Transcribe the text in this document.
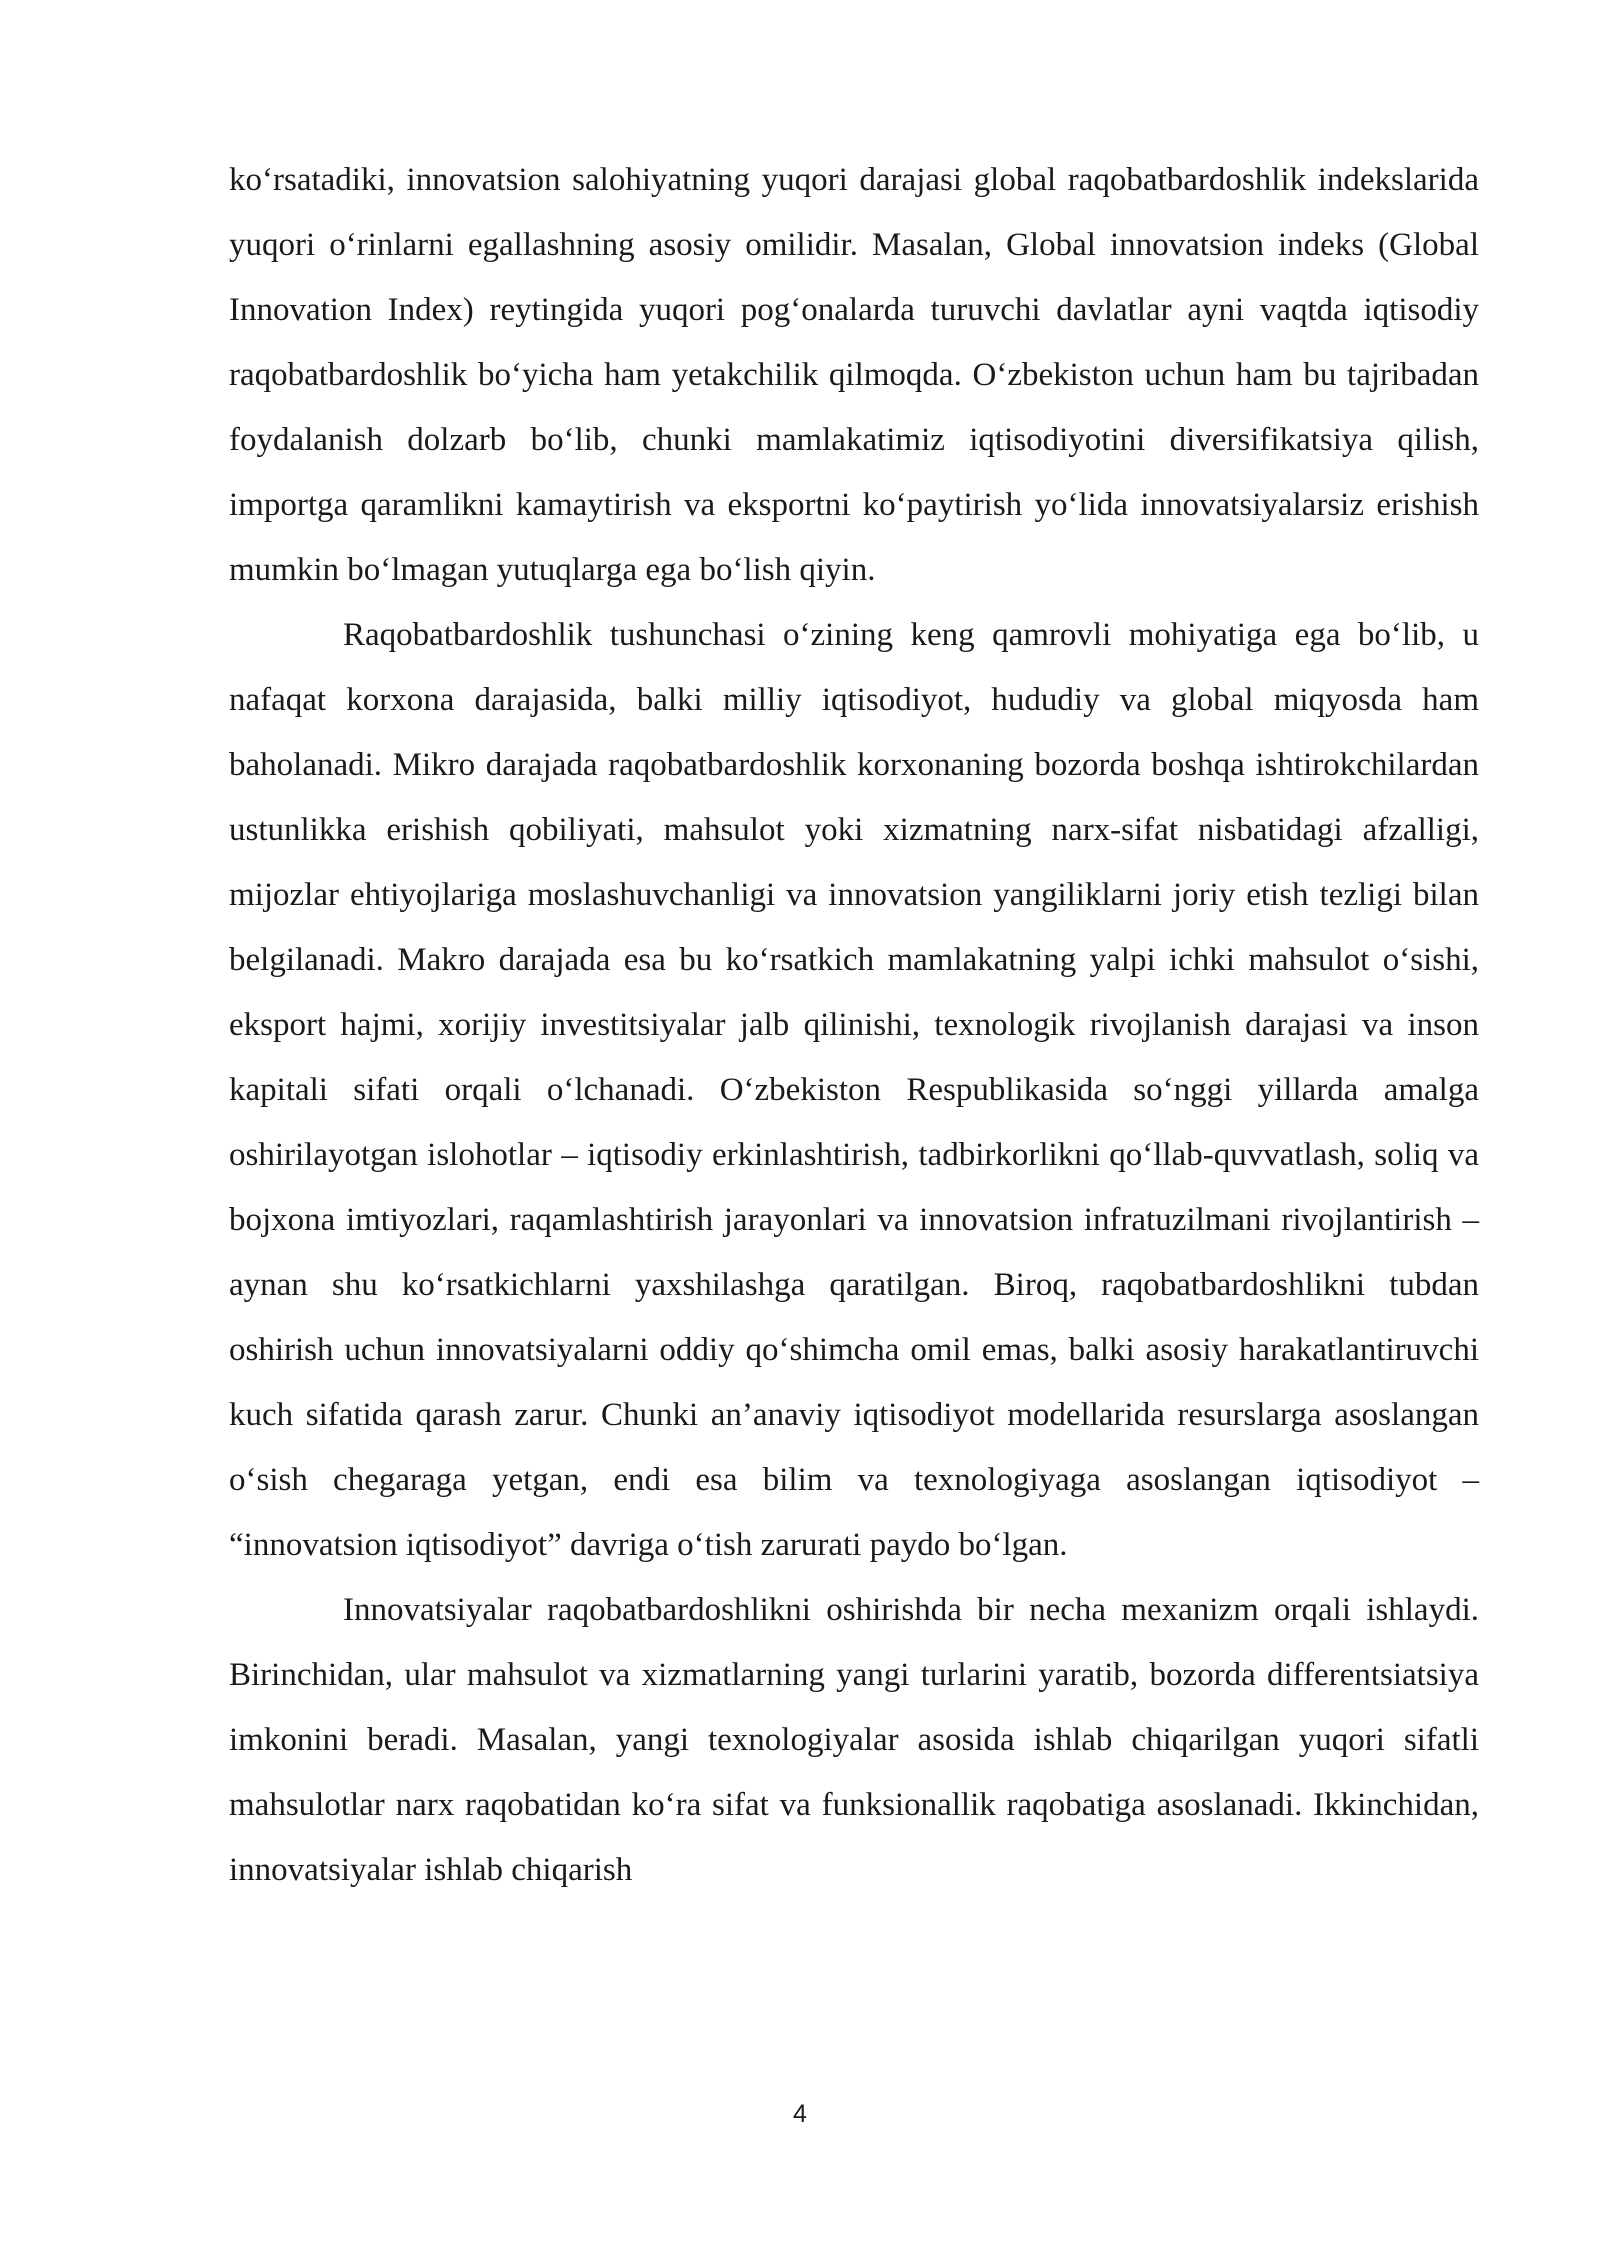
koʻrsatadiki, innovatsion salohiyatning yuqori darajasi global raqobatbardoshlik indekslarida yuqori oʻrinlarni egallashning asosiy omilidir. Masalan, Global innovatsion indeks (Global Innovation Index) reytingida yuqori pogʻonalarda turuvchi davlatlar ayni vaqtda iqtisodiy raqobatbardoshlik boʻyicha ham yetakchilik qilmoqda. Oʻzbekiston uchun ham bu tajribadan foydalanish dolzarb boʻlib, chunki mamlakatimiz iqtisodiyotini diversifikatsiya qilish, importga qaramlikni kamaytirish va eksportni koʻpaytirish yoʻlida innovatsiyalarsiz erishish mumkin boʻlmagan yutuqlarga ega boʻlish qiyin.

Raqobatbardoshlik tushunchasi oʻzining keng qamrovli mohiyatiga ega boʻlib, u nafaqat korxona darajasida, balki milliy iqtisodiyot, hududiy va global miqyosda ham baholanadi. Mikro darajada raqobatbardoshlik korxonaning bozorda boshqa ishtirokchilardan ustunlikka erishish qobiliyati, mahsulot yoki xizmatning narx-sifat nisbatidagi afzalligi, mijozlar ehtiyojlariga moslashuvchanligi va innovatsion yangiliklarni joriy etish tezligi bilan belgilanadi. Makro darajada esa bu koʻrsatkich mamlakatning yalpi ichki mahsulot oʻsishi, eksport hajmi, xorijiy investitsiyalar jalb qilinishi, texnologik rivojlanish darajasi va inson kapitali sifati orqali oʻlchanadi. Oʻzbekiston Respublikasida soʻnggi yillarda amalga oshirilayotgan islohotlar – iqtisodiy erkinlashtirish, tadbirkorlikni qoʻllab-quvvatlash, soliq va bojxona imtiyozlari, raqamlashtirish jarayonlari va innovatsion infratuzilmani rivojlantirish – aynan shu koʻrsatkichlarni yaxshilashga qaratilgan. Biroq, raqobatbardoshlikni tubdan oshirish uchun innovatsiyalarni oddiy qoʻshimcha omil emas, balki asosiy harakatlantiruvchi kuch sifatida qarash zarur. Chunki an’anaviy iqtisodiyot modellarida resurslarga asoslangan oʻsish chegaraga yetgan, endi esa bilim va texnologiyaga asoslangan iqtisodiyot – “innovatsion iqtisodiyot” davriga oʻtish zarurati paydo boʻlgan.

Innovatsiyalar raqobatbardoshlikni oshirishda bir necha mexanizm orqali ishlaydi. Birinchidan, ular mahsulot va xizmatlarning yangi turlarini yaratib, bozorda differentsiatsiya imkonini beradi. Masalan, yangi texnologiyalar asosida ishlab chiqarilgan yuqori sifatli mahsulotlar narx raqobatidan koʻra sifat va funksionallik raqobatiga asoslanadi. Ikkinchidan, innovatsiyalar ishlab chiqarish

4
